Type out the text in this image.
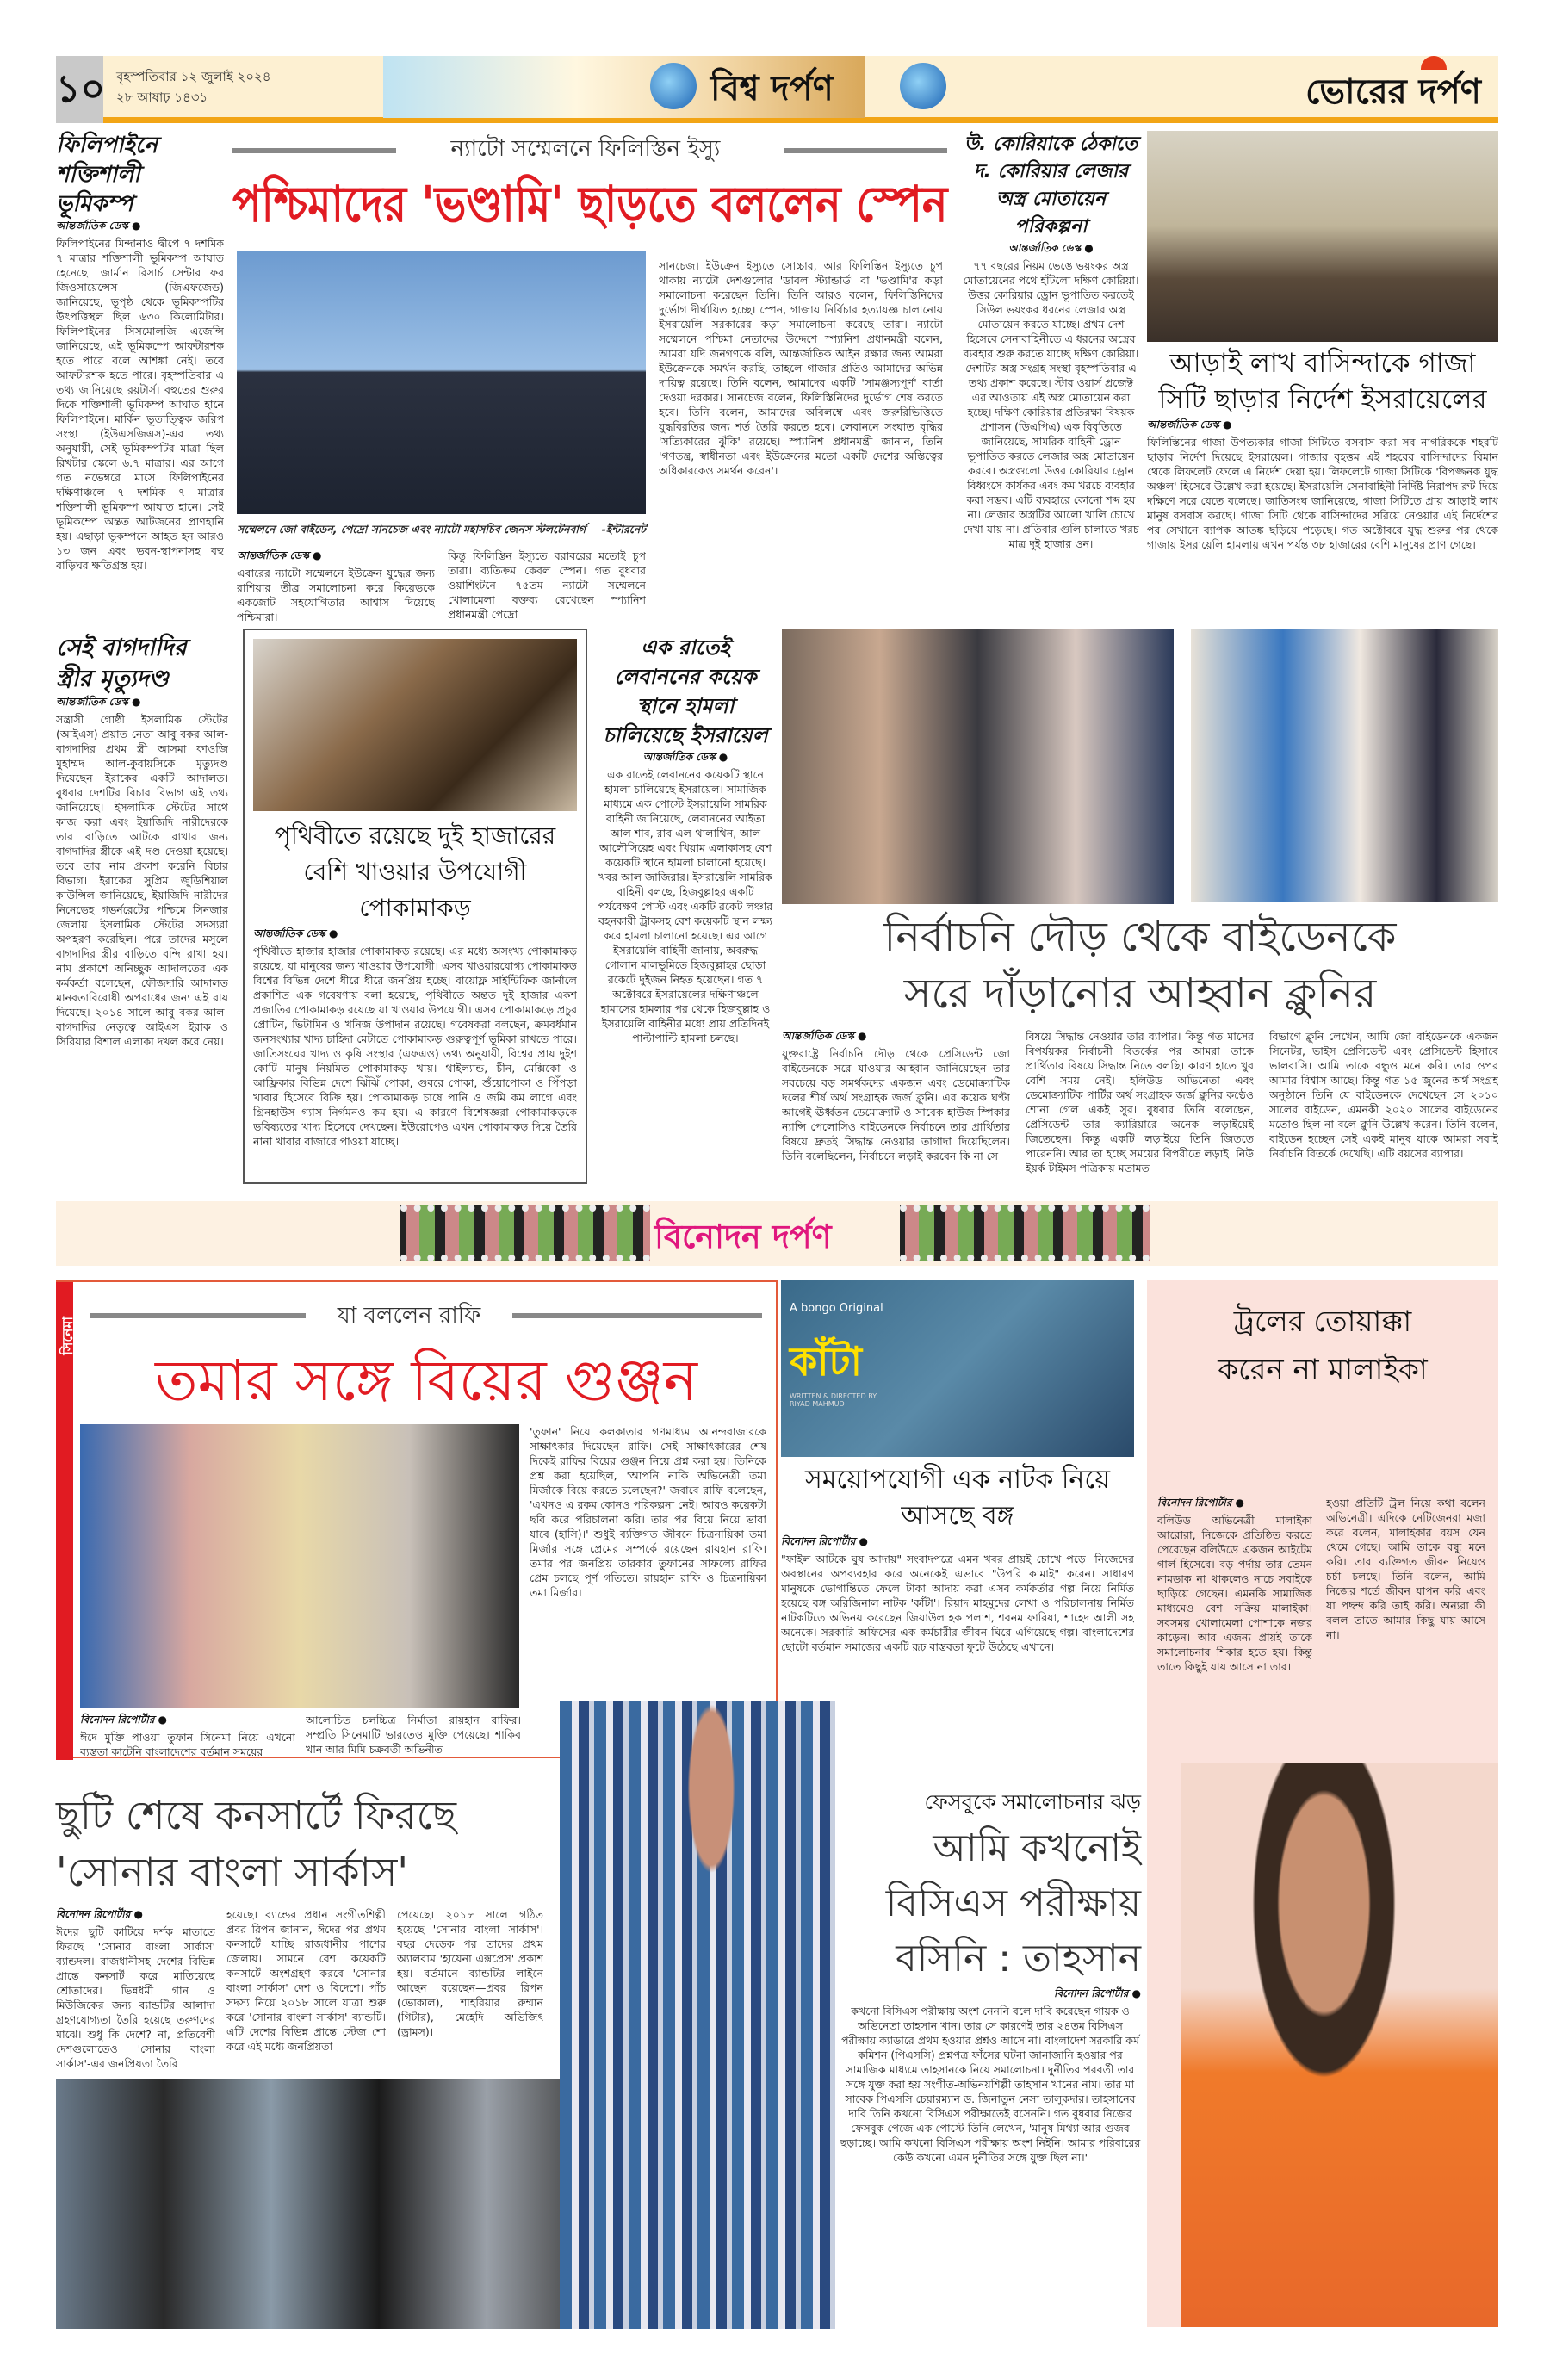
১০ বৃহস্পতিবার ১২ জুলাই ২০২৪
২৮ আষাঢ় ১৪৩১	বিশ্ব দর্পণ	ভোরের দর্পণ
ফিলিপাইনে শক্তিশালী ভূমিকম্প
আন্তর্জাতিক ডেস্ক ●
ফিলিপাইনের মিন্দানাও দ্বীপে ৭ দশমিক ৭ মাত্রার শক্তিশালী ভূমিকম্প আঘাত হেনেছে। জার্মান রিসার্চ সেন্টার ফর জিওসায়েন্সেস (জিএফজেড) জানিয়েছে, ভূপৃষ্ঠ থেকে ভূমিকম্পটির উৎপত্তিস্থল ছিল ৬৩০ কিলোমিটার। ফিলিপাইনের সিসমোলজি এজেন্সি জানিয়েছে, এই ভূমিকম্পে আফটারশক হতে পারে বলে আশঙ্কা নেই। তবে আফটারশক হতে পারে। বৃহস্পতিবার এ তথ্য জানিয়েছে রয়টার্স। বহুতের শুরুর দিকে শক্তিশালী ভূমিকম্প আঘাত হানে ফিলিপাইনে। মার্কিন ভূতাত্ত্বিক জরিপ সংস্থা (ইউএসজিএস)-এর তথ্য অনুযায়ী, সেই ভূমিকম্পটির মাত্রা ছিল রিখটার স্কেলে ৬.৭ মাত্রার। এর আগে গত নভেম্বরে মাসে ফিলিপাইনের দক্ষিণাঞ্চলে ৭ দশমিক ৭ মাত্রার শক্তিশালী ভূমিকম্প আঘাত হানে। সেই ভূমিকম্পে অন্তত আটজনের প্রাণহানি হয়। এছাড়া ভূকম্পনে আহত হন আরও ১৩ জন এবং ভবন-স্থাপনাসহ বহু বাড়িঘর ক্ষতিগ্রস্ত হয়।
ন্যাটো সম্মেলনে ফিলিস্তিন ইস্যু
পশ্চিমাদের 'ভণ্ডামি' ছাড়তে বললেন স্পেন
সম্মেলনে জো বাইডেন, পেদ্রো সানচেজ এবং ন্যাটো মহাসচিব জেনস স্টলটেনবার্গ -ইন্টারনেট
আন্তর্জাতিক ডেস্ক ●
এবারের ন্যাটো সম্মেলনে ইউক্রেন যুদ্ধের জন্য রাশিয়ার তীব্র সমালোচনা করে কিয়েভকে একজোট সহযোগিতার আশ্বাস দিয়েছে পশ্চিমারা।
কিন্তু ফিলিস্তিন ইস্যুতে বরাবরের মতোই চুপ তারা। ব্যতিক্রম কেবল স্পেন। গত বুধবার ওয়াশিংটনে ৭৫তম ন্যাটো সম্মেলনে খোলামেলা বক্তব্য রেখেছেন স্প্যানিশ প্রধানমন্ত্রী পেদ্রো
সানচেজ। ইউক্রেন ইস্যুতে সোচ্চার, আর ফিলিস্তিন ইস্যুতে চুপ থাকায় ন্যাটো দেশগুলোর 'ডাবল স্ট্যান্ডার্ড' বা 'ভণ্ডামি'র কড়া সমালোচনা করেছেন তিনি। তিনি আরও বলেন, ফিলিস্তিনিদের দুর্ভোগ দীর্ঘায়িত হচ্ছে। স্পেন, গাজায় নির্বিচার হত্যাযজ্ঞ চালানোয় ইসরায়েলি সরকারের কড়া সমালোচনা করেছে তারা। ন্যাটো সম্মেলনে পশ্চিমা নেতাদের উদ্দেশে স্প্যানিশ প্রধানমন্ত্রী বলেন, আমরা যদি জনগণকে বলি, আন্তর্জাতিক আইন রক্ষার জন্য আমরা ইউক্রেনকে সমর্থন করছি, তাহলে গাজার প্রতিও আমাদের অভিন্ন দায়িত্ব রয়েছে। তিনি বলেন, আমাদের একটি 'সামঞ্জস্যপূর্ণ' বার্তা দেওয়া দরকার। সানচেজ বলেন, ফিলিস্তিনিদের দুর্ভোগ শেষ করতে হবে। তিনি বলেন, আমাদের অবিলম্বে এবং জরুরিভিত্তিতে যুদ্ধবিরতির জন্য শর্ত তৈরি করতে হবে। লেবাননে সংঘাত বৃদ্ধির 'সত্যিকারের ঝুঁকি' রয়েছে। স্প্যানিশ প্রধানমন্ত্রী জানান, তিনি 'গণতন্ত্র, স্বাধীনতা এবং ইউক্রেনের মতো একটি দেশের অস্তিত্বের অধিকারকেও সমর্থন করেন'।
উ. কোরিয়াকে ঠেকাতে দ. কোরিয়ার লেজার অস্ত্র মোতায়েন পরিকল্পনা
আন্তর্জাতিক ডেস্ক ●
৭৭ বছরের নিয়ম ভেঙে ভয়ংকর অস্ত্র মোতায়েনের পথে হাঁটলো দক্ষিণ কোরিয়া। উত্তর কোরিয়ার ড্রোন ভূপাতিত করতেই সিউল ভয়ংকর ধরনের লেজার অস্ত্র মোতায়েন করতে যাচ্ছে। প্রথম দেশ হিসেবে সেনাবাহিনীতে এ ধরনের অস্ত্রের ব্যবহার শুরু করতে যাচ্ছে দক্ষিণ কোরিয়া। দেশটির অস্ত্র সংগ্রহ সংস্থা বৃহস্পতিবার এ তথ্য প্রকাশ করেছে। স্টার ওয়ার্স প্রজেক্ট এর আওতায় এই অস্ত্র মোতায়েন করা হচ্ছে। দক্ষিণ কোরিয়ার প্রতিরক্ষা বিষয়ক প্রশাসন (ডিএপিএ) এক বিবৃতিতে জানিয়েছে, সামরিক বাহিনী ড্রোন ভূপাতিত করতে লেজার অস্ত্র মোতায়েন করবে। অস্ত্রগুলো উত্তর কোরিয়ার ড্রোন বিধ্বংসে কার্যকর এবং কম খরচে ব্যবহার করা সম্ভব। এটি ব্যবহারে কোনো শব্দ হয় না। লেজার অস্ত্রটির আলো খালি চোখে দেখা যায় না। প্রতিবার গুলি চালাতে খরচ মাত্র দুই হাজার ওন।
আড়াই লাখ বাসিন্দাকে গাজা সিটি ছাড়ার নির্দেশ ইসরায়েলের
আন্তর্জাতিক ডেস্ক ●
ফিলিস্তিনের গাজা উপত্যকার গাজা সিটিতে বসবাস করা সব নাগরিককে শহরটি ছাড়ার নির্দেশ দিয়েছে ইসরায়েল। গাজার বৃহত্তম এই শহরের বাসিন্দাদের বিমান থেকে লিফলেট ফেলে এ নির্দেশ দেয়া হয়। লিফলেটে গাজা সিটিকে 'বিপজ্জনক যুদ্ধ অঞ্চল' হিসেবে উল্লেখ করা হয়েছে। ইসরায়েলি সেনাবাহিনী নির্দিষ্ট নিরাপদ রুট দিয়ে দক্ষিণে সরে যেতে বলেছে। জাতিসংঘ জানিয়েছে, গাজা সিটিতে প্রায় আড়াই লাখ মানুষ বসবাস করছে। গাজা সিটি থেকে বাসিন্দাদের সরিয়ে নেওয়ার এই নির্দেশের পর সেখানে ব্যাপক আতঙ্ক ছড়িয়ে পড়েছে। গত অক্টোবরে যুদ্ধ শুরুর পর থেকে গাজায় ইসরায়েলি হামলায় এখন পর্যন্ত ৩৮ হাজারের বেশি মানুষের প্রাণ গেছে।
সেই বাগদাদির স্ত্রীর মৃত্যুদণ্ড
আন্তর্জাতিক ডেস্ক ●
সন্ত্রাসী গোষ্ঠী ইসলামিক স্টেটের (আইএস) প্রয়াত নেতা আবু বকর আল-বাগদাদির প্রথম স্ত্রী আসমা ফাওজি মুহাম্মদ আল-কুবায়সিকে মৃত্যুদণ্ড দিয়েছেন ইরাকের একটি আদালত। বুধবার দেশটির বিচার বিভাগ এই তথ্য জানিয়েছে। ইসলামিক স্টেটের সাথে কাজ করা এবং ইয়াজিদি নারীদেরকে তার বাড়িতে আটকে রাখার জন্য বাগদাদির স্ত্রীকে এই দণ্ড দেওয়া হয়েছে। তবে তার নাম প্রকাশ করেনি বিচার বিভাগ। ইরাকের সুপ্রিম জুডিশিয়াল কাউন্সিল জানিয়েছে, ইয়াজিদি নারীদের নিনেভেহ গভর্নরেটের পশ্চিমে সিনজার জেলায় ইসলামিক স্টেটের সদস্যরা অপহরণ করেছিল। পরে তাদের মসুলে বাগদাদির স্ত্রীর বাড়িতে বন্দি রাখা হয়। নাম প্রকাশে অনিচ্ছুক আদালতের এক কর্মকর্তা বলেছেন, ফৌজদারি আদালত মানবতাবিরোধী অপরাধের জন্য এই রায় দিয়েছে। ২০১৪ সালে আবু বকর আল-বাগদাদির নেতৃত্বে আইএস ইরাক ও সিরিয়ার বিশাল এলাকা দখল করে নেয়।
পৃথিবীতে রয়েছে দুই হাজারের বেশি খাওয়ার উপযোগী পোকামাকড়
আন্তর্জাতিক ডেস্ক ●
পৃথিবীতে হাজার হাজার পোকামাকড় রয়েছে। এর মধ্যে অসংখ্য পোকামাকড় রয়েছে, যা মানুষের জন্য খাওয়ার উপযোগী। এসব খাওয়ারযোগ্য পোকামাকড় বিশ্বের বিভিন্ন দেশে ধীরে ধীরে জনপ্রিয় হচ্ছে। বায়োফ্ল সাইন্টিফিক জার্নালে প্রকাশিত এক গবেষণায় বলা হয়েছে, পৃথিবীতে অন্তত দুই হাজার একশ প্রজাতির পোকামাকড় রয়েছে যা খাওয়ার উপযোগী। এসব পোকামাকড়ে প্রচুর প্রোটিন, ভিটামিন ও খনিজ উপাদান রয়েছে। গবেষকরা বলছেন, ক্রমবর্ধমান জনসংখ্যার খাদ্য চাহিদা মেটাতে পোকামাকড় গুরুত্বপূর্ণ ভূমিকা রাখতে পারে। জাতিসংঘের খাদ্য ও কৃষি সংস্থার (এফএও) তথ্য অনুযায়ী, বিশ্বের প্রায় দুইশ কোটি মানুষ নিয়মিত পোকামাকড় খায়। থাইল্যান্ড, চীন, মেক্সিকো ও আফ্রিকার বিভিন্ন দেশে ঝিঁঝিঁ পোকা, গুবরে পোকা, শুঁয়োপোকা ও পিঁপড়া খাবার হিসেবে বিক্রি হয়। পোকামাকড় চাষে পানি ও জমি কম লাগে এবং গ্রিনহাউস গ্যাস নির্গমনও কম হয়। এ কারণে বিশেষজ্ঞরা পোকামাকড়কে ভবিষ্যতের খাদ্য হিসেবে দেখছেন। ইউরোপেও এখন পোকামাকড় দিয়ে তৈরি নানা খাবার বাজারে পাওয়া যাচ্ছে।
এক রাতেই লেবাননের কয়েক স্থানে হামলা চালিয়েছে ইসরায়েল
আন্তর্জাতিক ডেস্ক ●
এক রাতেই লেবাননের কয়েকটি স্থানে হামলা চালিয়েছে ইসরায়েল। সামাজিক মাধ্যমে এক পোস্টে ইসরায়েলি সামরিক বাহিনী জানিয়েছে, লেবাননের আইতা আল শাব, রাব এল-থালাথিন, আল আলৌসিয়েহ এবং খিয়াম এলাকাসহ বেশ কয়েকটি স্থানে হামলা চালানো হয়েছে। খবর আল জাজিরার। ইসরায়েলি সামরিক বাহিনী বলছে, হিজবুল্লাহর একটি পর্যবেক্ষণ পোস্ট এবং একটি রকেট লঞ্চার বহনকারী ট্রাকসহ বেশ কয়েকটি স্থান লক্ষ্য করে হামলা চালানো হয়েছে। এর আগে ইসরায়েলি বাহিনী জানায়, অবরুদ্ধ গোলান মালভূমিতে হিজবুল্লাহর ছোড়া রকেটে দুইজন নিহত হয়েছেন। গত ৭ অক্টোবরে ইসরায়েলের দক্ষিণাঞ্চলে হামাসের হামলার পর থেকে হিজবুল্লাহ ও ইসরায়েলি বাহিনীর মধ্যে প্রায় প্রতিদিনই পাল্টাপাল্টি হামলা চলছে।
নির্বাচনি দৌড় থেকে বাইডেনকে
সরে দাঁড়ানোর আহ্বান ক্লুনির
আন্তর্জাতিক ডেস্ক ●
যুক্তরাষ্ট্রে নির্বাচনি দৌড় থেকে প্রেসিডেন্ট জো বাইডেনকে সরে যাওয়ার আহ্বান জানিয়েছেন তার সবচেয়ে বড় সমর্থকদের একজন এবং ডেমোক্র্যাটিক দলের শীর্ষ অর্থ সংগ্রাহক জর্জ ক্লুনি। এর কয়েক ঘণ্টা আগেই ঊর্ধ্বতন ডেমোক্র্যাট ও সাবেক হাউজ স্পিকার ন্যান্সি পেলোসিও বাইডেনকে নির্বাচনে তার প্রার্থিতার বিষয়ে দ্রুতই সিদ্ধান্ত নেওয়ার তাগাদা দিয়েছিলেন। তিনি বলেছিলেন, নির্বাচনে লড়াই করবেন কি না সে
বিষয়ে সিদ্ধান্ত নেওয়ার তার ব্যাপার। কিন্তু গত মাসের বিপর্যয়কর নির্বাচনী বিতর্কের পর আমরা তাকে প্রার্থিতার বিষয়ে সিদ্ধান্ত নিতে বলছি। কারণ হাতে খুব বেশি সময় নেই। হলিউড অভিনেতা এবং ডেমোক্র্যাটিক পার্টির অর্থ সংগ্রাহক জর্জ ক্লুনির কণ্ঠেও শোনা গেল একই সুর। বুধবার তিনি বলেছেন, প্রেসিডেন্ট তার ক্যারিয়ারে অনেক লড়াইয়েই জিতেছেন। কিন্তু একটি লড়াইয়ে তিনি জিততে পারেননি। আর তা হচ্ছে সময়ের বিপরীতে লড়াই। নিউ ইয়র্ক টাইমস পত্রিকায় মতামত
বিভাগে ক্লুনি লেখেন, আমি জো বাইডেনকে একজন সিনেটর, ভাইস প্রেসিডেন্ট এবং প্রেসিডেন্ট হিসাবে ভালবাসি। আমি তাকে বন্ধুও মনে করি। তার ওপর আমার বিশ্বাস আছে। কিন্তু গত ১৫ জুনের অর্থ সংগ্রহ অনুষ্ঠানে তিনি যে বাইডেনকে দেখেছেন সে ২০১০ সালের বাইডেন, এমনকী ২০২০ সালের বাইডেনের মতোও ছিল না বলে ক্লুনি উল্লেখ করেন। তিনি বলেন, বাইডেন হচ্ছেন সেই একই মানুষ যাকে আমরা সবাই নির্বাচনি বিতর্কে দেখেছি। এটি বয়সের ব্যাপার।
বিনোদন দর্পণ
সিনেমা
যা বললেন রাফি
তমার সঙ্গে বিয়ের গুঞ্জন
'তুফান' নিয়ে কলকাতার গণমাধ্যম আনন্দবাজারকে সাক্ষাৎকার দিয়েছেন রাফি। সেই সাক্ষাৎকারের শেষ দিকেই রাফির বিয়ের গুঞ্জন নিয়ে প্রশ্ন করা হয়। তিনিকে প্রশ্ন করা হয়েছিল, 'আপনি নাকি অভিনেত্রী তমা মির্জাকে বিয়ে করতে চলেছেন?' জবাবে রাফি বলেছেন, 'এখনও এ রকম কোনও পরিকল্পনা নেই। আরও কয়েকটা ছবি করে পরিচালনা করি। তার পর বিয়ে নিয়ে ভাবা যাবে (হাসি)।' শুধুই ব্যক্তিগত জীবনে চিত্রনায়িকা তমা মির্জার সঙ্গে প্রেমের সম্পর্কে রয়েছেন রায়হান রাফি। তমার পর জনপ্রিয় তারকার তুফানের সাফল্যে রাফির প্রেম চলছে পূর্ণ গতিতে। রায়হান রাফি ও চিত্রনায়িকা তমা মির্জার।
বিনোদন রিপোর্টার ●
ঈদে মুক্তি পাওয়া তুফান সিনেমা নিয়ে এখনো ব্যস্ততা কাটেনি বাংলাদেশের বর্তমান সময়ের
আলোচিত চলচ্চিত্র নির্মাতা রায়হান রাফির। সম্প্রতি সিনেমাটি ভারতেও মুক্তি পেয়েছে। শাকিব খান আর মিমি চক্রবর্তী অভিনীত
A bongo Original
কাঁটা
WRITTEN & DIRECTED BY RIYAD MAHMUD
সময়োপযোগী এক নাটক নিয়ে আসছে বঙ্গ
বিনোদন রিপোর্টার ●
"ফাইল আটকে ঘুষ আদায়" সংবাদপত্রে এমন খবর প্রায়ই চোখে পড়ে। নিজেদের অবস্থানের অপব্যবহার করে অনেকেই এভাবে "উপরি কামাই" করেন। সাধারণ মানুষকে ভোগান্তিতে ফেলে টাকা আদায় করা এসব কর্মকর্তার গল্প নিয়ে নির্মিত হয়েছে বঙ্গ অরিজিনাল নাটক 'কাঁটা'। রিয়াদ মাহমুদের লেখা ও পরিচালনায় নির্মিত নাটকটিতে অভিনয় করেছেন জিয়াউল হক পলাশ, শবনম ফারিয়া, শাহেদ আলী সহ অনেকে। সরকারি অফিসের এক কর্মচারীর জীবন ঘিরে এগিয়েছে গল্প। বাংলাদেশের ছোটো বর্তমান সমাজের একটি রূঢ় বাস্তবতা ফুটে উঠেছে এখানে।
ট্রলের তোয়াক্কা করেন না মালাইকা
বিনোদন রিপোর্টার ●
বলিউড অভিনেত্রী মালাইকা আরোরা, নিজেকে প্রতিষ্ঠিত করতে পেরেছেন বলিউডে একজন আইটেম গার্ল হিসেবে। বড় পর্দায় তার তেমন নামডাক না থাকলেও নাচে সবাইকে ছাড়িয়ে গেছেন। এমনকি সামাজিক মাধ্যমেও বেশ সক্রিয় মালাইকা। সবসময় খোলামেলা পোশাকে নজর কাড়েন। আর এজন্য প্রায়ই তাকে সমালোচনার শিকার হতে হয়। কিন্তু তাতে কিছুই যায় আসে না তার।
হওয়া প্রতিটি ট্রল নিয়ে কথা বলেন অভিনেত্রী। এদিকে নেটিজেনরা মজা করে বলেন, মালাইকার বয়স যেন থেমে গেছে। আমি তাকে বন্ধু মনে করি। তার ব্যক্তিগত জীবন নিয়েও চর্চা চলছে। তিনি বলেন, আমি নিজের শর্তে জীবন যাপন করি এবং যা পছন্দ করি তাই করি। অন্যরা কী বলল তাতে আমার কিছু যায় আসে না।
ছুটি শেষে কনসার্টে ফিরছে
'সোনার বাংলা সার্কাস'
বিনোদন রিপোর্টার ●
ঈদের ছুটি কাটিয়ে দর্শক মাতাতে ফিরছে 'সোনার বাংলা সার্কাস' ব্যান্ডদল। রাজধানীসহ দেশের বিভিন্ন প্রান্তে কনসার্ট করে মাতিয়েছে শ্রোতাদের। ভিন্নধর্মী গান ও মিউজিকের জন্য ব্যান্ডটির আলাদা গ্রহণযোগ্যতা তৈরি হয়েছে তরুণদের মাঝে। শুধু কি দেশে? না, প্রতিবেশী দেশগুলোতেও 'সোনার বাংলা সার্কাস'-এর জনপ্রিয়তা তৈরি
হয়েছে। ব্যান্ডের প্রধান সংগীতশিল্পী প্রবর রিপন জানান, ঈদের পর প্রথম কনসার্টে যাচ্ছি রাজধানীর পাশের জেলায়। সামনে বেশ কয়েকটি কনসার্টে অংশগ্রহণ করবে 'সোনার বাংলা সার্কাস' দেশ ও বিদেশে। পাঁচ সদস্য নিয়ে ২০১৮ সালে যাত্রা শুরু করে 'সোনার বাংলা সার্কাস' ব্যান্ডটি। এটি দেশের বিভিন্ন প্রান্তে স্টেজ শো করে এই মধ্যে জনপ্রিয়তা
পেয়েছে। ২০১৮ সালে গঠিত হয়েছে 'সোনার বাংলা সার্কাস'। বছর দেড়েক পর তাদের প্রথম অ্যালবাম 'হায়েনা এক্সপ্রেস' প্রকাশ হয়। বর্তমানে ব্যান্ডটির লাইনে আছেন রয়েছেন—প্রবর রিপন (ভোকাল), শাহরিয়ার রুম্মান (গিটার), মেহেদি অভিজিৎ (ড্রামস)।
ফেসবুকে সমালোচনার ঝড়
আমি কখনোই বিসিএস পরীক্ষায় বসিনি : তাহসান
বিনোদন রিপোর্টার ●
কখনো বিসিএস পরীক্ষায় অংশ নেননি বলে দাবি করেছেন গায়ক ও অভিনেতা তাহসান খান। তার সে কারণেই তার ২৪তম বিসিএস পরীক্ষায় ক্যাডারে প্রথম হওয়ার প্রশ্নও আসে না। বাংলাদেশ সরকারি কর্ম কমিশন (পিএসসি) প্রশ্নপত্র ফাঁসের ঘটনা জানাজানি হওয়ার পর সামাজিক মাধ্যমে তাহসানকে নিয়ে সমালোচনা। দুর্নীতির পরবর্তী তার সঙ্গে যুক্ত করা হয় সংগীত-অভিনয়শিল্পী তাহসান খানের নাম। তার মা সাবেক পিএসসি চেয়ারম্যান ড. জিনাতুন নেসা তালুকদার। তাহসানের দাবি তিনি কখনো বিসিএস পরীক্ষাতেই বসেননি। গত বুধবার নিজের ফেসবুক পেজে এক পোস্টে তিনি লেখেন, 'মানুষ মিথ্যা আর গুজব ছড়াচ্ছে। আমি কখনো বিসিএস পরীক্ষায় অংশ নিইনি। আমার পরিবারের কেউ কখনো এমন দুর্নীতির সঙ্গে যুক্ত ছিল না।'
